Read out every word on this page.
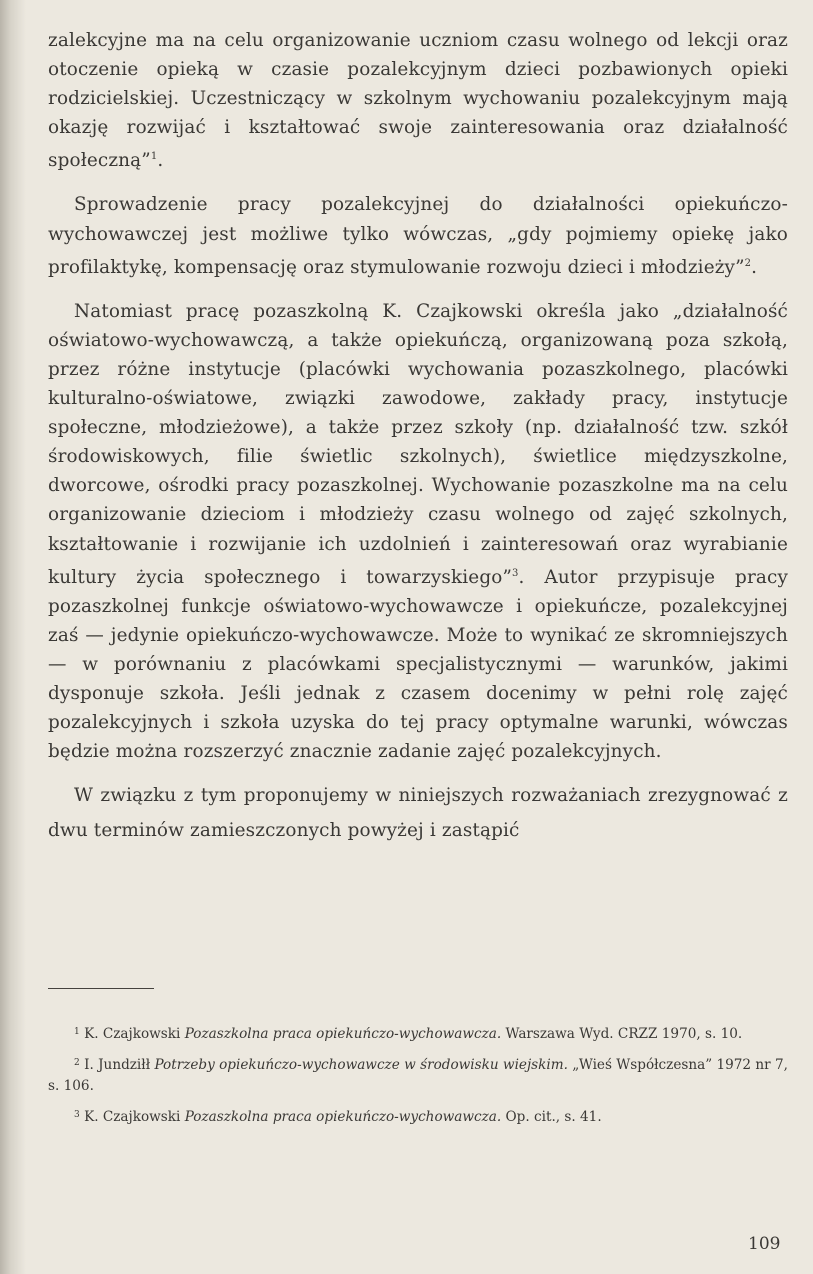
zalekcyjne ma na celu organizowanie uczniom czasu wolnego od lekcji oraz otoczenie opieką w czasie pozalekcyjnym dzieci pozbawionych opieki rodzicielskiej. Uczestniczący w szkolnym wychowaniu pozalekcyjnym mają okazję rozwijać i kształtować swoje zainteresowania oraz działalność społeczną”$^1$.

Sprowadzenie pracy pozalekcyjnej do działalności opiekuńczo-wychowawczej jest możliwe tylko wówczas, „gdy pojmiemy opiekę jako profilaktykę, kompensację oraz stymulowanie rozwoju dzieci i młodzieży”$^2$.

Natomiast pracę pozaszkolną K. Czajkowski określa jako „działalność oświatowo-wychowawczą, a także opiekuńczą, organizowaną poza szkołą, przez różne instytucje (placówki wychowania pozaszkolnego, placówki kulturalno-oświatowe, związki zawodowe, zakłady pracy, instytucje społeczne, młodzieżowe), a także przez szkoły (np. działalność tzw. szkół środowiskowych, filie świetlic szkolnych), świetlice międzyszkolne, dworcowe, ośrodki pracy pozaszkolnej. Wychowanie pozaszkolne ma na celu organizowanie dzieciom i młodzieży czasu wolnego od zajęć szkolnych, kształtowanie i rozwijanie ich uzdolnień i zainteresowań oraz wyrabianie kultury życia społecznego i towarzyskiego”$^3$. Autor przypisuje pracy pozaszkolnej funkcje oświatowo-wychowawcze i opiekuńcze, pozalekcyjnej zaś — jedynie opiekuńczo-wychowawcze. Może to wynikać ze skromniejszych — w porównaniu z placówkami specjalistycznymi — warunków, jakimi dysponuje szkoła. Jeśli jednak z czasem docenimy w pełni rolę zajęć pozalekcyjnych i szkoła uzyska do tej pracy optymalne warunki, wówczas będzie można rozszerzyć znacznie zadanie zajęć pozalekcyjnych.

W związku z tym proponujemy w niniejszych rozważaniach zrezygnować z dwu terminów zamieszczonych powyżej i zastąpić

$^1$ K. Czajkowski Pozaszkolna praca opiekuńczo-wychowawcza. Warszawa Wyd. CRZZ 1970, s. 10.

$^2$ I. Jundziłł Potrzeby opiekuńczo-wychowawcze w środowisku wiejskim. „Wieś Współczesna” 1972 nr 7, s. 106.

$^3$ K. Czajkowski Pozaszkolna praca opiekuńczo-wychowawcza. Op. cit., s. 41.

109
